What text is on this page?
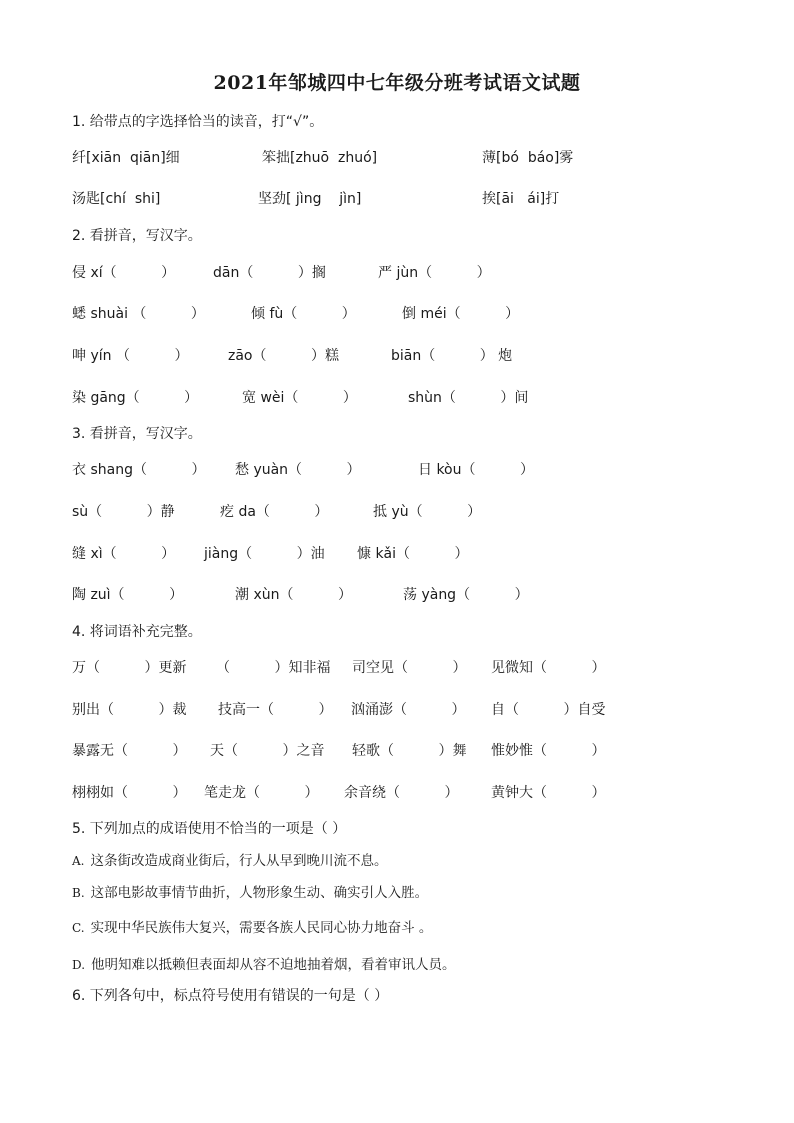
2021年邹城四中七年级分班考试语文试题
1. 给带点的字选择恰当的读音，打“√”。
纤[xiān  qiān]细	笨拙[zhuō  zhuó]	薄[bó  báo]雾
汤匙[chí  shi]	坚劲[ jìng    jìn]	挨[āi   ái]打
2. 看拼音，写汉字。
侵 xí（          ）	dān（          ）搁	严 jùn（          ）
蟋 shuài （          ）	倾 fù（          ）	倒 méi（          ）
呻 yín （          ）	zāo（          ）糕	biān（          ） 炮
染 gāng（          ）	宽 wèi（          ）	shùn（          ）间
3. 看拼音，写汉字。
衣 shang（          ） 愁 yuàn（          ）	日 kòu（          ）
sù（          ）静	疙 da（          ）	抵 yù（          ）
缝 xì（          ） jiàng（          ）油 慷 kǎi（          ）
陶 zuì（          ）	潮 xùn（          ）	荡 yàng（          ）
4. 将词语补充完整。
万（          ）更新 （          ）知非福 司空见（          ） 见微知（          ）
别出（          ）裁 技高一（          ） 汹涌澎（          ） 自（          ）自受
暴露无（          ） 天（          ）之音 轻歌（          ）舞 惟妙惟（          ）
栩栩如（          ） 笔走龙（          ） 余音绕（          ） 黄钟大（          ）
5. 下列加点的成语使用不恰当的一项是（ ）
A. 这条街改造成商业街后，行人从早到晚川流不息。
B. 这部电影故事情节曲折，人物形象生动、确实引人入胜。
C. 实现中华民族伟大复兴，需要各族人民同心协力地奋斗 。
D. 他明知难以抵赖但表面却从容不迫地抽着烟，看着审讯人员。
6. 下列各句中，标点符号使用有错误的一句是（ ）
